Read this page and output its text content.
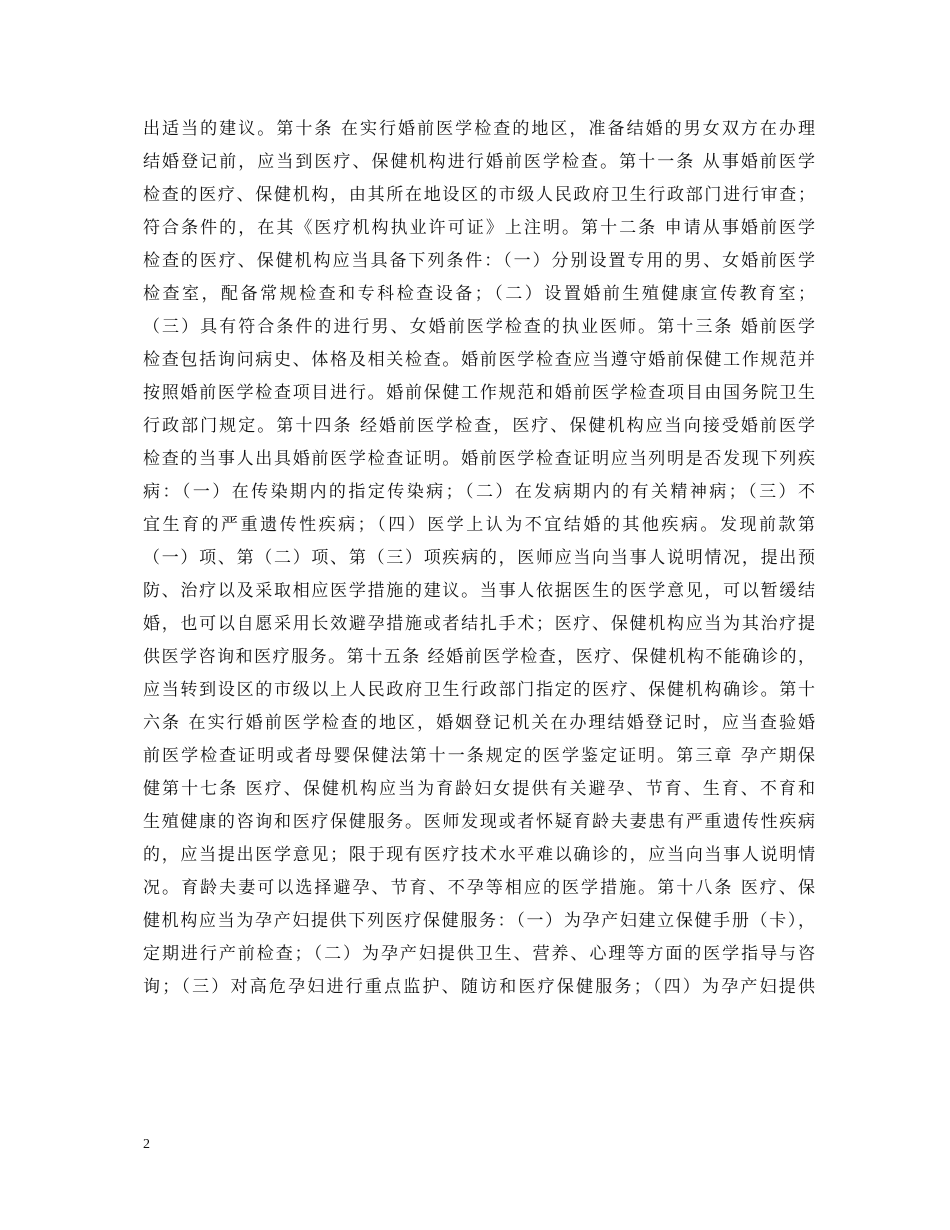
出适当的建议。第十条 在实行婚前医学检查的地区，准备结婚的男女双方在办理
结婚登记前，应当到医疗、保健机构进行婚前医学检查。第十一条 从事婚前医学
检查的医疗、保健机构，由其所在地设区的市级人民政府卫生行政部门进行审查；
符合条件的，在其《医疗机构执业许可证》上注明。第十二条 申请从事婚前医学
检查的医疗、保健机构应当具备下列条件：（一）分别设置专用的男、女婚前医学
检查室，配备常规检查和专科检查设备；（二）设置婚前生殖健康宣传教育室；
（三）具有符合条件的进行男、女婚前医学检查的执业医师。第十三条 婚前医学
检查包括询问病史、体格及相关检查。婚前医学检查应当遵守婚前保健工作规范并
按照婚前医学检查项目进行。婚前保健工作规范和婚前医学检查项目由国务院卫生
行政部门规定。第十四条 经婚前医学检查，医疗、保健机构应当向接受婚前医学
检查的当事人出具婚前医学检查证明。婚前医学检查证明应当列明是否发现下列疾
病：（一）在传染期内的指定传染病；（二）在发病期内的有关精神病；（三）不
宜生育的严重遗传性疾病；（四）医学上认为不宜结婚的其他疾病。发现前款第
（一）项、第（二）项、第（三）项疾病的，医师应当向当事人说明情况，提出预
防、治疗以及采取相应医学措施的建议。当事人依据医生的医学意见，可以暂缓结
婚，也可以自愿采用长效避孕措施或者结扎手术；医疗、保健机构应当为其治疗提
供医学咨询和医疗服务。第十五条 经婚前医学检查，医疗、保健机构不能确诊的，
应当转到设区的市级以上人民政府卫生行政部门指定的医疗、保健机构确诊。第十
六条 在实行婚前医学检查的地区，婚姻登记机关在办理结婚登记时，应当查验婚
前医学检查证明或者母婴保健法第十一条规定的医学鉴定证明。第三章 孕产期保
健第十七条 医疗、保健机构应当为育龄妇女提供有关避孕、节育、生育、不育和
生殖健康的咨询和医疗保健服务。医师发现或者怀疑育龄夫妻患有严重遗传性疾病
的，应当提出医学意见；限于现有医疗技术水平难以确诊的，应当向当事人说明情
况。育龄夫妻可以选择避孕、节育、不孕等相应的医学措施。第十八条 医疗、保
健机构应当为孕产妇提供下列医疗保健服务：（一）为孕产妇建立保健手册（卡），
定期进行产前检查；（二）为孕产妇提供卫生、营养、心理等方面的医学指导与咨
询；（三）对高危孕妇进行重点监护、随访和医疗保健服务；（四）为孕产妇提供
2
